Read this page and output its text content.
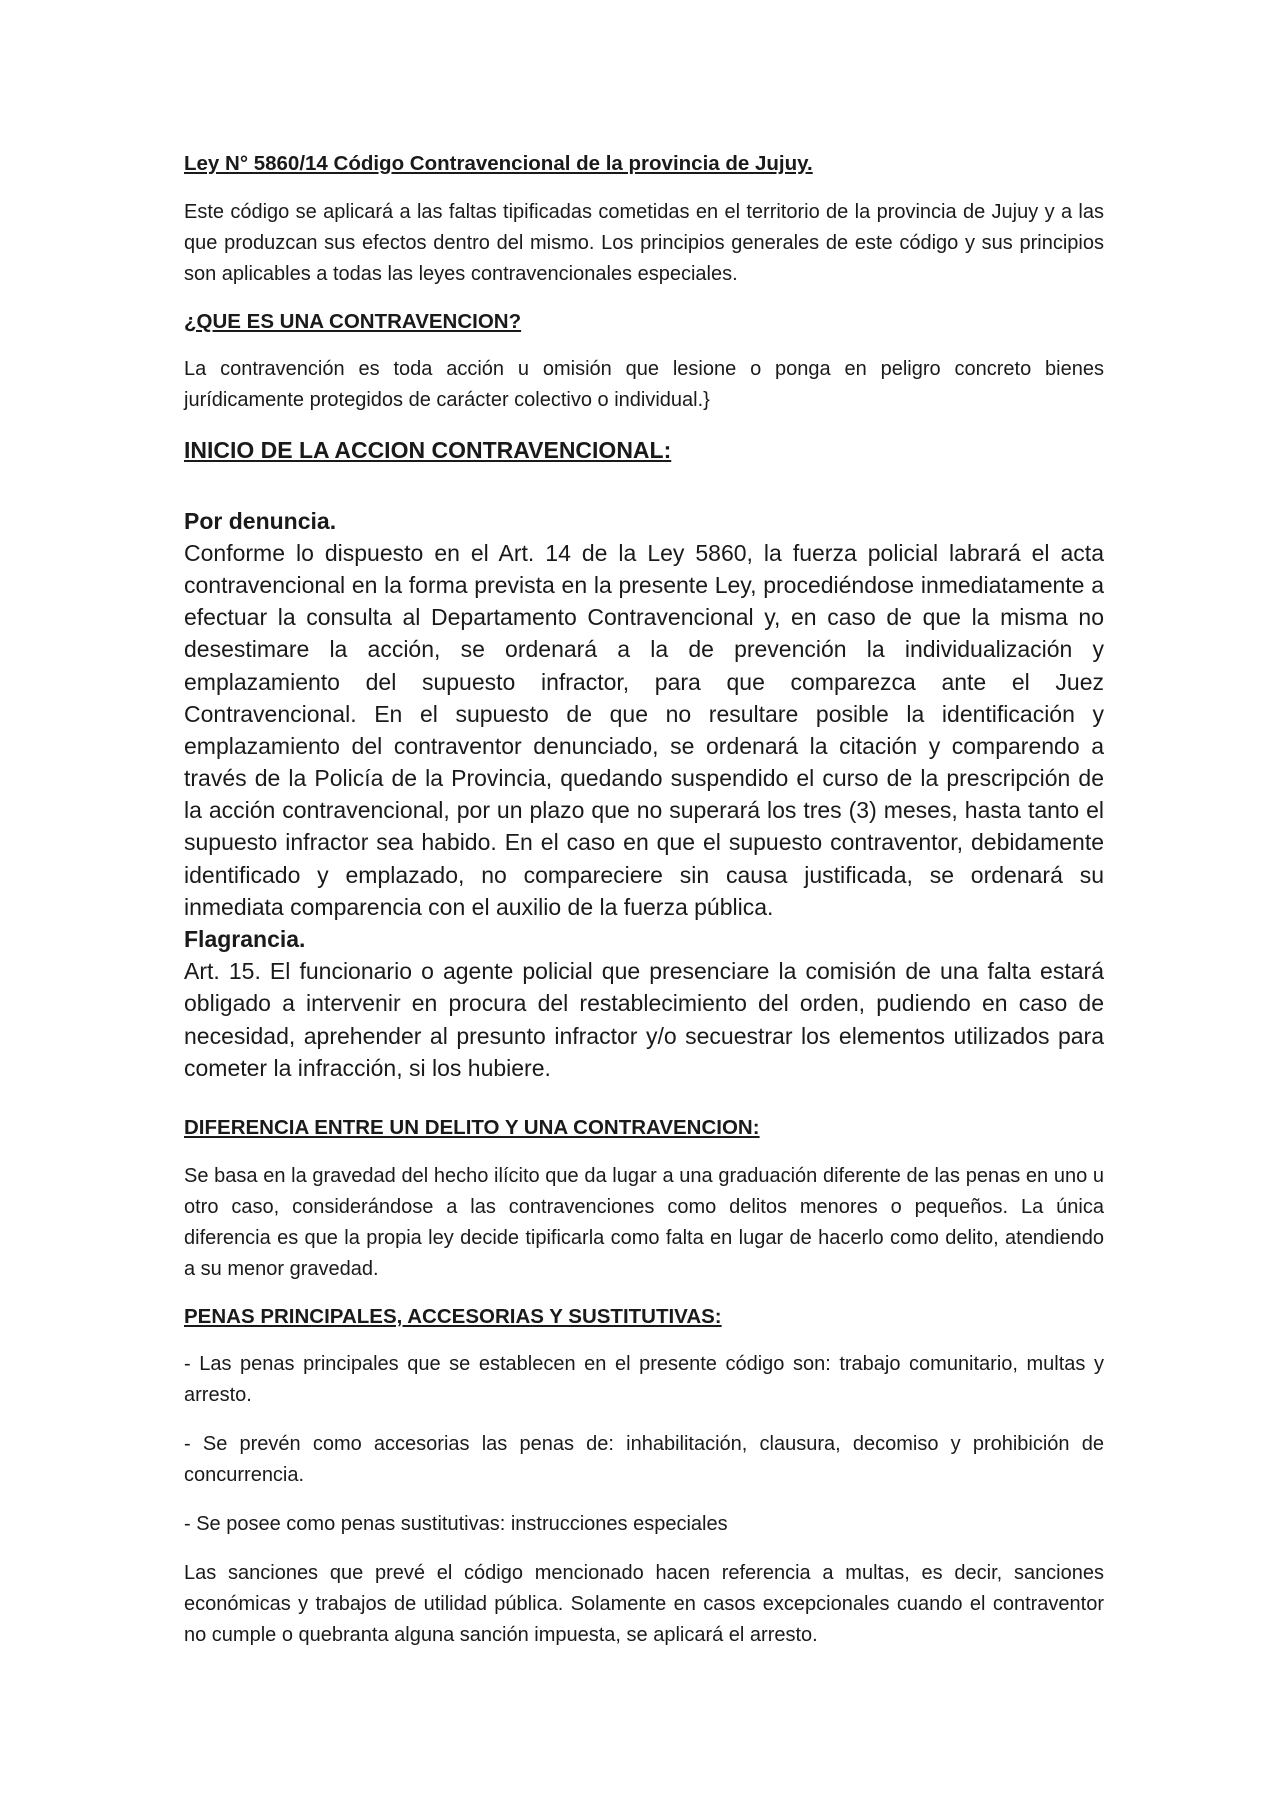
Ley N° 5860/14 Código Contravencional de la provincia de Jujuy.

Este código se aplicará a las faltas tipificadas cometidas en el territorio de la provincia de Jujuy y a las que produzcan sus efectos dentro del mismo. Los principios generales de este código y sus principios son aplicables a todas las leyes contravencionales especiales.

¿QUE ES UNA CONTRAVENCION?

La contravención es toda acción u omisión que lesione o ponga en peligro concreto bienes jurídicamente protegidos de carácter colectivo o individual.}

INICIO DE LA ACCION CONTRAVENCIONAL:

Por denuncia.

Conforme lo dispuesto en el Art. 14 de la Ley 5860, la fuerza policial labrará el acta contravencional en la forma prevista en la presente Ley, procediéndose inmediatamente a efectuar la consulta al Departamento Contravencional y, en caso de que la misma no desestimare la acción, se ordenará a la de prevención la individualización y emplazamiento del supuesto infractor, para que comparezca ante el Juez Contravencional. En el supuesto de que no resultare posible la identificación y emplazamiento del contraventor denunciado, se ordenará la citación y comparendo a través de la Policía de la Provincia, quedando suspendido el curso de la prescripción de la acción contravencional, por un plazo que no superará los tres (3) meses, hasta tanto el supuesto infractor sea habido. En el caso en que el supuesto contraventor, debidamente identificado y emplazado, no compareciere sin causa justificada, se ordenará su inmediata comparencia con el auxilio de la fuerza pública.

Flagrancia.

Art. 15. El funcionario o agente policial que presenciare la comisión de una falta estará obligado a intervenir en procura del restablecimiento del orden, pudiendo en caso de necesidad, aprehender al presunto infractor y/o secuestrar los elementos utilizados para cometer la infracción, si los hubiere.

DIFERENCIA ENTRE UN DELITO Y UNA CONTRAVENCION:

Se basa en la gravedad del hecho ilícito que da lugar a una graduación diferente de las penas en uno u otro caso, considerándose a las contravenciones como delitos menores o pequeños. La única diferencia es que la propia ley decide tipificarla como falta en lugar de hacerlo como delito, atendiendo a su menor gravedad.

PENAS PRINCIPALES, ACCESORIAS Y SUSTITUTIVAS:

- Las penas principales que se establecen en el presente código son: trabajo comunitario, multas y arresto.

- Se prevén como accesorias las penas de: inhabilitación, clausura, decomiso y prohibición de concurrencia.

- Se posee como penas sustitutivas: instrucciones especiales

Las sanciones que prevé el código mencionado hacen referencia a multas, es decir, sanciones económicas y trabajos de utilidad pública. Solamente en casos excepcionales cuando el contraventor no cumple o quebranta alguna sanción impuesta, se aplicará el arresto.
